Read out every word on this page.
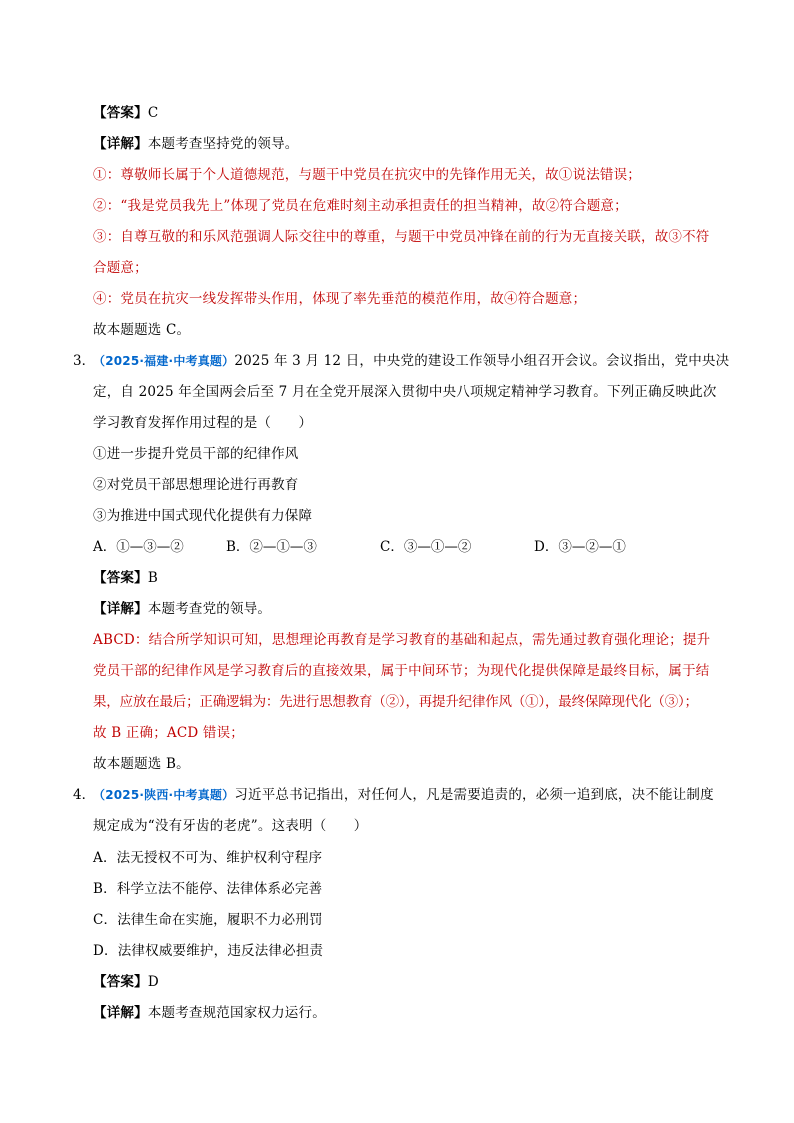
【答案】C
【详解】本题考查坚持党的领导。
①：尊敬师长属于个人道德规范，与题干中党员在抗灾中的先锋作用无关，故①说法错误；
②：“我是党员我先上”体现了党员在危难时刻主动承担责任的担当精神，故②符合题意；
③：自尊互敬的和乐风范强调人际交往中的尊重，与题干中党员冲锋在前的行为无直接关联，故③不符
合题意；
④：党员在抗灾一线发挥带头作用，体现了率先垂范的模范作用，故④符合题意；
故本题题选 C。
3．
（2025·福建·中考真题）2025 年 3 月 12 日，中央党的建设工作领导小组召开会议。会议指出，党中央决
定，自 2025 年全国两会后至 7 月在全党开展深入贯彻中央八项规定精神学习教育。下列正确反映此次
学习教育发挥作用过程的是（　　）
①进一步提升党员干部的纪律作风
②对党员干部思想理论进行再教育
③为推进中国式现代化提供有力保障
A．①—③—②	B．②—①—③	C．③—①—②	D．③—②—①
【答案】B
【详解】本题考查党的领导。
ABCD：结合所学知识可知，思想理论再教育是学习教育的基础和起点，需先通过教育强化理论；提升
党员干部的纪律作风是学习教育后的直接效果，属于中间环节；为现代化提供保障是最终目标，属于结
果，应放在最后；正确逻辑为：先进行思想教育（②），再提升纪律作风（①），最终保障现代化（③）；
故 B 正确；ACD 错误；
故本题题选 B。
4．
（2025·陕西·中考真题）习近平总书记指出，对任何人，凡是需要追责的，必须一追到底，决不能让制度
规定成为“没有牙齿的老虎”。这表明（　　）
A．法无授权不可为、维护权利守程序
B．科学立法不能停、法律体系必完善
C．法律生命在实施，履职不力必刑罚
D．法律权威要维护，违反法律必担责
【答案】D
【详解】本题考查规范国家权力运行。
